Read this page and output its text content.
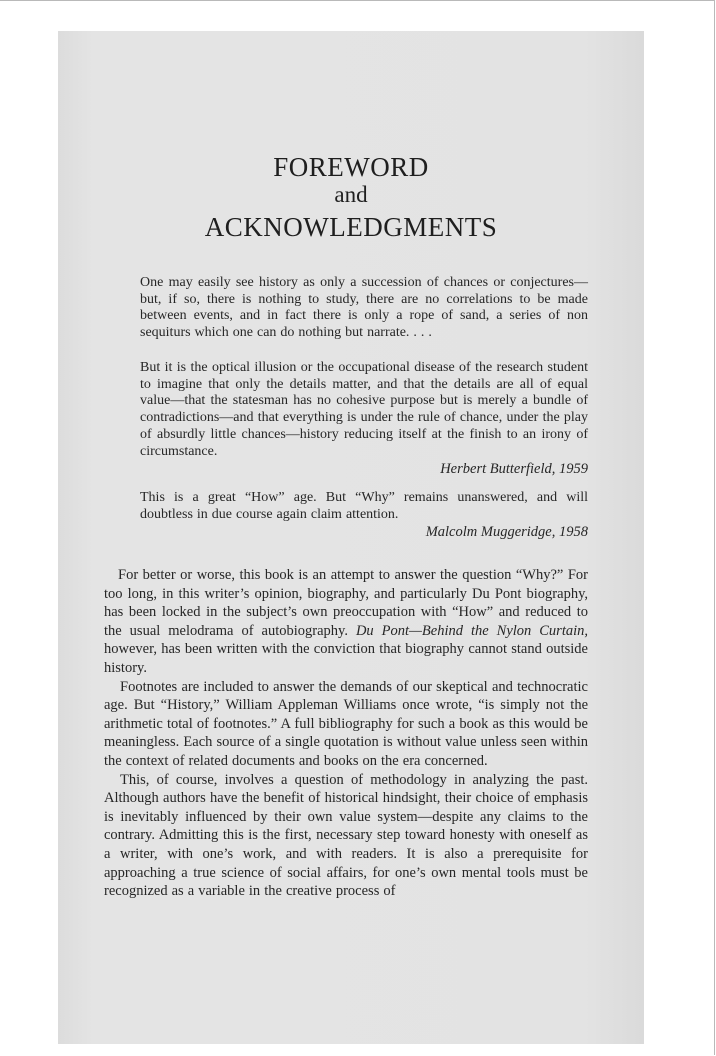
FOREWORD
and
ACKNOWLEDGMENTS

One may easily see history as only a succession of chances or conjectures—but, if so, there is nothing to study, there are no correlations to be made between events, and in fact there is only a rope of sand, a series of non sequiturs which one can do nothing but narrate. . . .

But it is the optical illusion or the occupational disease of the research student to imagine that only the details matter, and that the details are all of equal value—that the statesman has no cohesive purpose but is merely a bundle of contradictions—and that everything is under the rule of chance, under the play of absurdly little chances—history reducing itself at the finish to an irony of circumstance.

Herbert Butterfield, 1959

This is a great “How” age. But “Why” remains unanswered, and will doubtless in due course again claim attention.

Malcolm Muggeridge, 1958

For better or worse, this book is an attempt to answer the question “Why?” For too long, in this writer’s opinion, biography, and particularly Du Pont biography, has been locked in the subject’s own preoccupation with “How” and reduced to the usual melodrama of autobiography. Du Pont—Behind the Nylon Curtain, however, has been written with the conviction that biography cannot stand outside history.

Footnotes are included to answer the demands of our skeptical and technocratic age. But “History,” William Appleman Williams once wrote, “is simply not the arithmetic total of footnotes.” A full bibliography for such a book as this would be meaningless. Each source of a single quotation is without value unless seen within the context of related documents and books on the era concerned.

This, of course, involves a question of methodology in analyzing the past. Although authors have the benefit of historical hindsight, their choice of emphasis is inevitably influenced by their own value system—despite any claims to the contrary. Admitting this is the first, necessary step toward honesty with oneself as a writer, with one’s work, and with readers. It is also a prerequisite for approaching a true science of social affairs, for one’s own mental tools must be recognized as a variable in the creative process of
